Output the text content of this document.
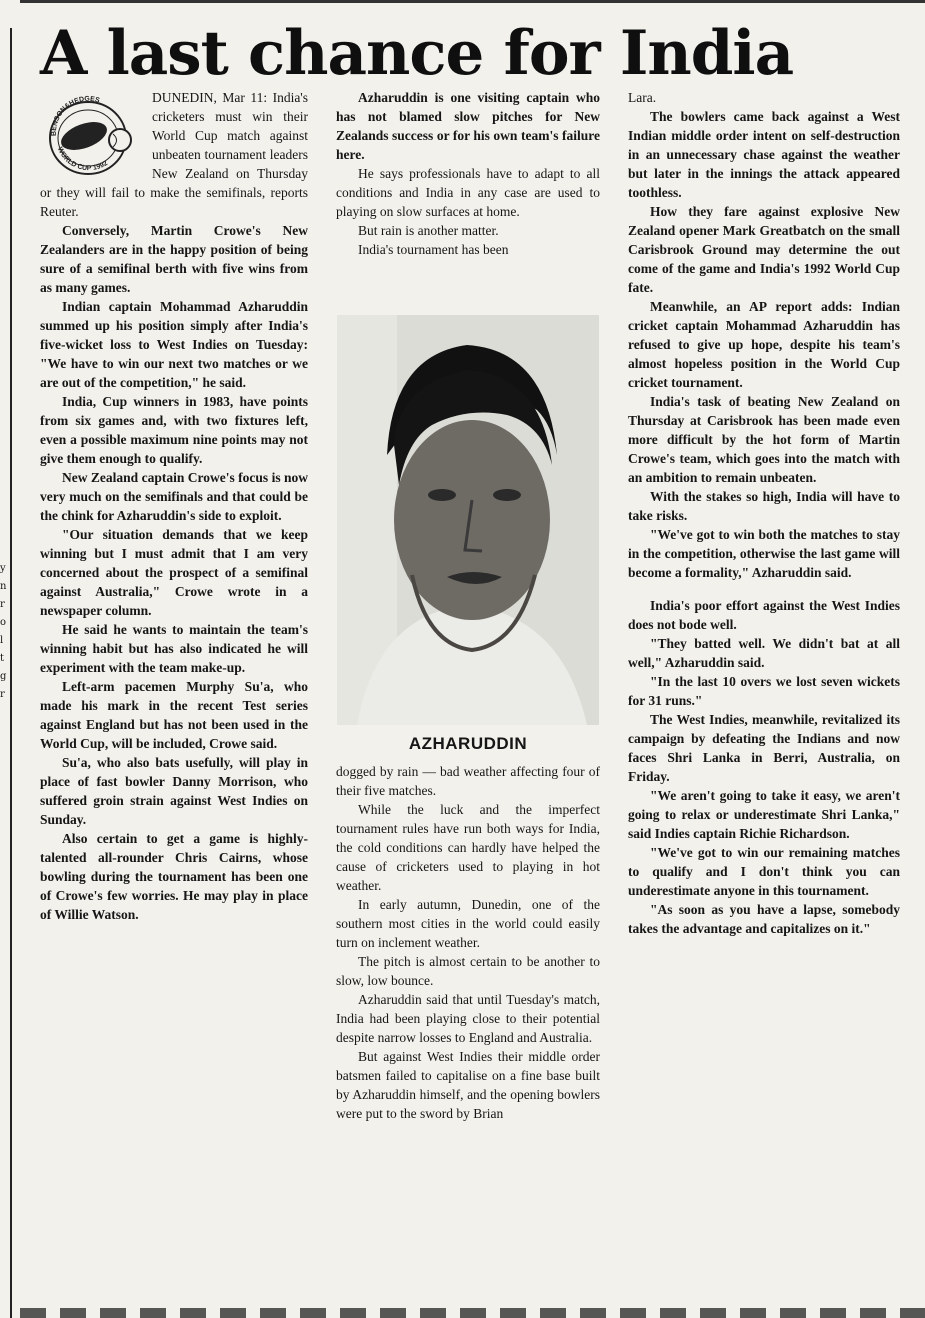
y
n
r
o
l
t
g
r
A last chance for India
BENSON&HEDGES
WORLD CUP 1992

DUNEDIN, Mar 11: India's cricketers must win their World Cup match against unbeaten tournament leaders New Zealand on Thursday or they will fail to make the semifinals, reports Reuter.

Conversely, Martin Crowe's New Zealanders are in the happy position of being sure of a semifinal berth with five wins from as many games.

Indian captain Mohammad Azharuddin summed up his position simply after India's five-wicket loss to West Indies on Tuesday: "We have to win our next two matches or we are out of the competition," he said.

India, Cup winners in 1983, have points from six games and, with two fixtures left, even a possible maximum nine points may not give them enough to qualify.

New Zealand captain Crowe's focus is now very much on the semifinals and that could be the chink for Azharuddin's side to exploit.

"Our situation demands that we keep winning but I must admit that I am very concerned about the prospect of a semifinal against Australia," Crowe wrote in a newspaper column.

He said he wants to maintain the team's winning habit but has also indicated he will experiment with the team make-up.

Left-arm pacemen Murphy Su'a, who made his mark in the recent Test series against England but has not been used in the World Cup, will be included, Crowe said.

Su'a, who also bats usefully, will play in place of fast bowler Danny Morrison, who suffered groin strain against West Indies on Sunday.

Also certain to get a game is highly-talented all-rounder Chris Cairns, whose bowling during the tournament has been one of Crowe's few worries. He may play in place of Willie Watson.

Azharuddin is one visiting captain who has not blamed slow pitches for New Zealands success or for his own team's failure here.

He says professionals have to adapt to all conditions and India in any case are used to playing on slow surfaces at home.

But rain is another matter.

India's tournament has been

AZHARUDDIN

dogged by rain — bad weather affecting four of their five matches.

While the luck and the imperfect tournament rules have run both ways for India, the cold conditions can hardly have helped the cause of cricketers used to playing in hot weather.

In early autumn, Dunedin, one of the southern most cities in the world could easily turn on inclement weather.

The pitch is almost certain to be another to slow, low bounce.

Azharuddin said that until Tuesday's match, India had been playing close to their potential despite narrow losses to England and Australia.

But against West Indies their middle order batsmen failed to capitalise on a fine base built by Azharuddin himself, and the opening bowlers were put to the sword by Brian

Lara.

The bowlers came back against a West Indian middle order intent on self-destruction in an unnecessary chase against the weather but later in the innings the attack appeared toothless.

How they fare against explosive New Zealand opener Mark Greatbatch on the small Carisbrook Ground may determine the out come of the game and India's 1992 World Cup fate.

Meanwhile, an AP report adds: Indian cricket captain Mohammad Azharuddin has refused to give up hope, despite his team's almost hopeless position in the World Cup cricket tournament.

India's task of beating New Zealand on Thursday at Carisbrook has been made even more difficult by the hot form of Martin Crowe's team, which goes into the match with an ambition to remain unbeaten.

With the stakes so high, India will have to take risks.

"We've got to win both the matches to stay in the competition, otherwise the last game will become a formality," Azharuddin said.

India's poor effort against the West Indies does not bode well.

"They batted well. We didn't bat at all well," Azharuddin said.

"In the last 10 overs we lost seven wickets for 31 runs."

The West Indies, meanwhile, revitalized its campaign by defeating the Indians and now faces Shri Lanka in Berri, Australia, on Friday.

"We aren't going to take it easy, we aren't going to relax or underestimate Shri Lanka," said Indies captain Richie Richardson.

"We've got to win our remaining matches to qualify and I don't think you can underestimate anyone in this tournament.

"As soon as you have a lapse, somebody takes the advantage and capitalizes on it."
